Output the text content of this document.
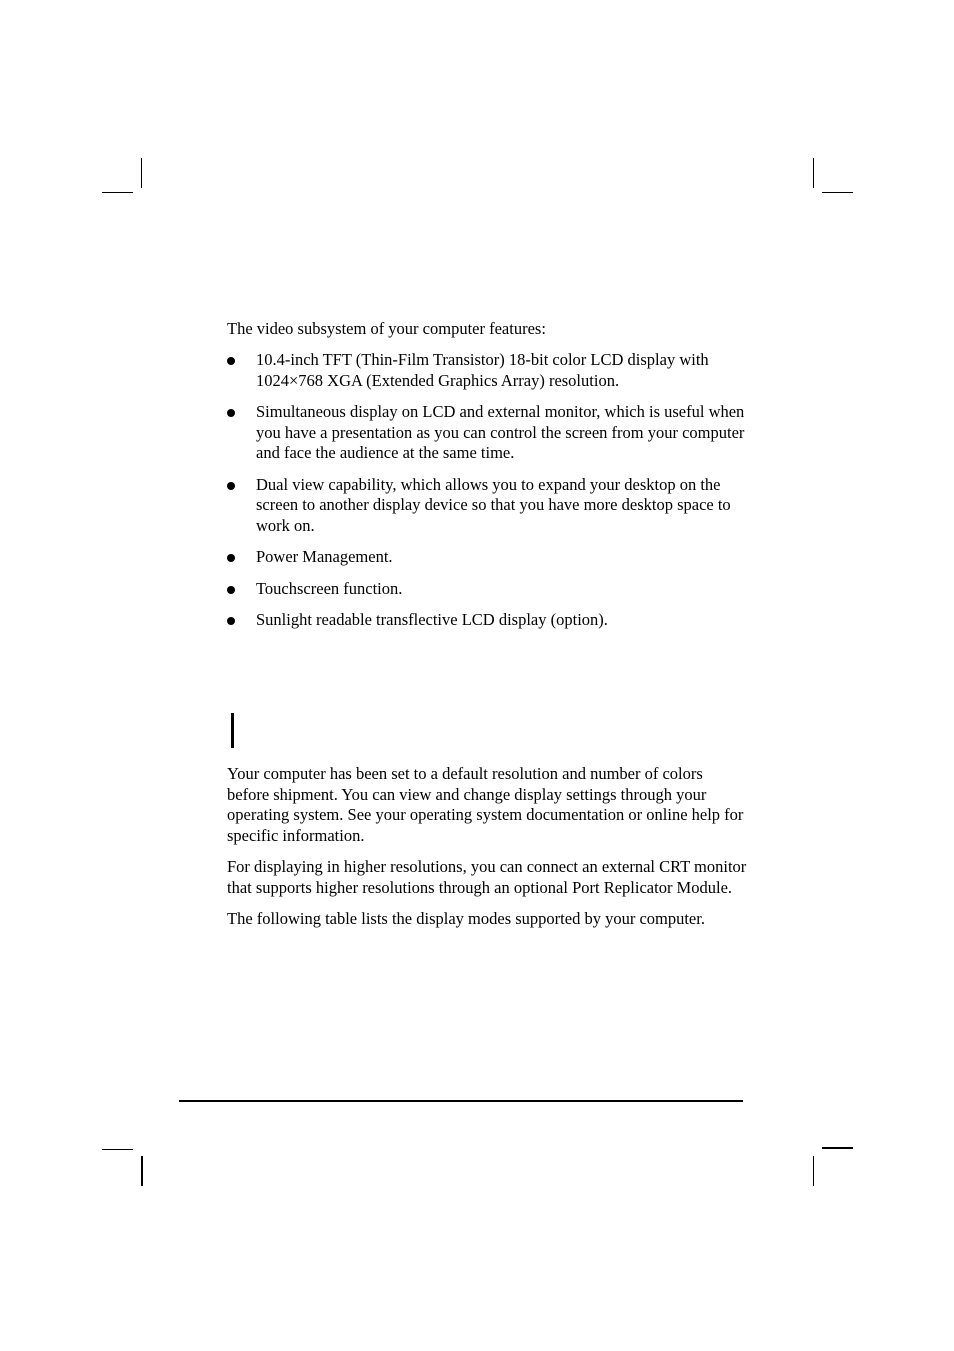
The video subsystem of your computer features:

10.4-inch TFT (Thin-Film Transistor) 18-bit color LCD display with 1024×768 XGA (Extended Graphics Array) resolution.
Simultaneous display on LCD and external monitor, which is useful when you have a presentation as you can control the screen from your computer and face the audience at the same time.
Dual view capability, which allows you to expand your desktop on the screen to another display device so that you have more desktop space to work on.
Power Management.
Touchscreen function.
Sunlight readable transflective LCD display (option).

Your computer has been set to a default resolution and number of colors before shipment. You can view and change display settings through your operating system. See your operating system documentation or online help for specific information.

For displaying in higher resolutions, you can connect an external CRT monitor that supports higher resolutions through an optional Port Replicator Module.

The following table lists the display modes supported by your computer.
